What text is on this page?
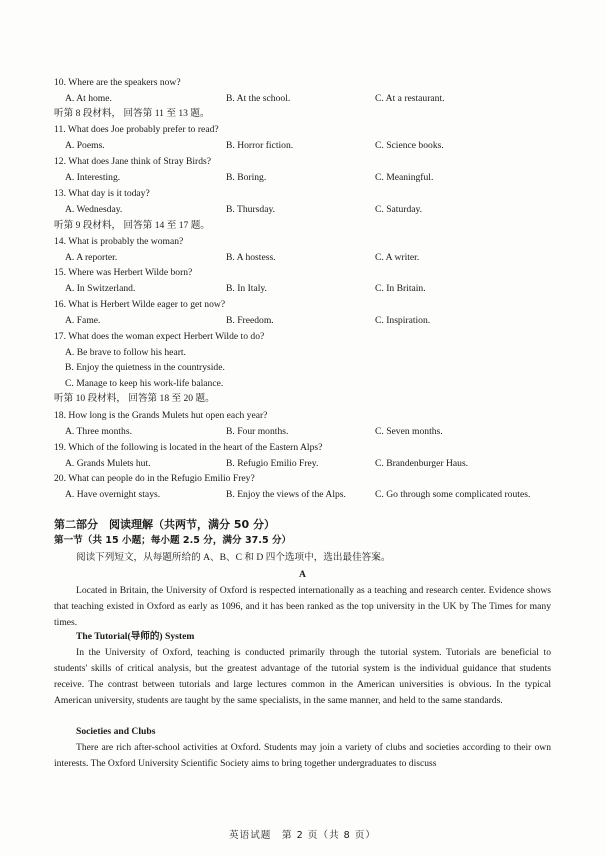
10. Where are the speakers now?
A. At home.	B. At the school.	C. At a restaurant.
听第 8 段材料， 回答第 11 至 13 题。
11. What does Joe probably prefer to read?
A. Poems.	B. Horror fiction.	C. Science books.
12. What does Jane think of Stray Birds?
A. Interesting.	B. Boring.	C. Meaningful.
13. What day is it today?
A. Wednesday.	B. Thursday.	C. Saturday.
听第 9 段材料， 回答第 14 至 17 题。
14. What is probably the woman?
A. A reporter.	B. A hostess.	C. A writer.
15. Where was Herbert Wilde born?
A. In Switzerland.	B. In Italy.	C. In Britain.
16. What is Herbert Wilde eager to get now?
A. Fame.	B. Freedom.	C. Inspiration.
17. What does the woman expect Herbert Wilde to do?
A. Be brave to follow his heart.
B. Enjoy the quietness in the countryside.
C. Manage to keep his work-life balance.
听第 10 段材料， 回答第 18 至 20 题。
18. How long is the Grands Mulets hut open each year?
A. Three months.	B. Four months.	C. Seven months.
19. Which of the following is located in the heart of the Eastern Alps?
A. Grands Mulets hut.	B. Refugio Emilio Frey.	C. Brandenburger Haus.
20. What can people do in the Refugio Emilio Frey?
A. Have overnight stays.	B. Enjoy the views of the Alps.	C. Go through some complicated routes.
第二部分　阅读理解（共两节，满分 50 分）
第一节（共 15 小题；每小题 2.5 分，满分 37.5 分）
阅读下列短文，从每题所给的 A、B、C 和 D 四个选项中，选出最佳答案。
A

Located in Britain, the University of Oxford is respected internationally as a teaching and research center. Evidence shows that teaching existed in Oxford as early as 1096, and it has been ranked as the top university in the UK by The Times for many times.

The Tutorial(导师的) System

In the University of Oxford, teaching is conducted primarily through the tutorial system. Tutorials are beneficial to students' skills of critical analysis, but the greatest advantage of the tutorial system is the individual guidance that students receive. The contrast between tutorials and large lectures common in the American universities is obvious. In the typical American university, students are taught by the same specialists, in the same manner, and held to the same standards.

Societies and Clubs

There are rich after-school activities at Oxford. Students may join a variety of clubs and societies according to their own interests. The Oxford University Scientific Society aims to bring together undergraduates to discuss

英语试题　第 2 页（共 8 页）
